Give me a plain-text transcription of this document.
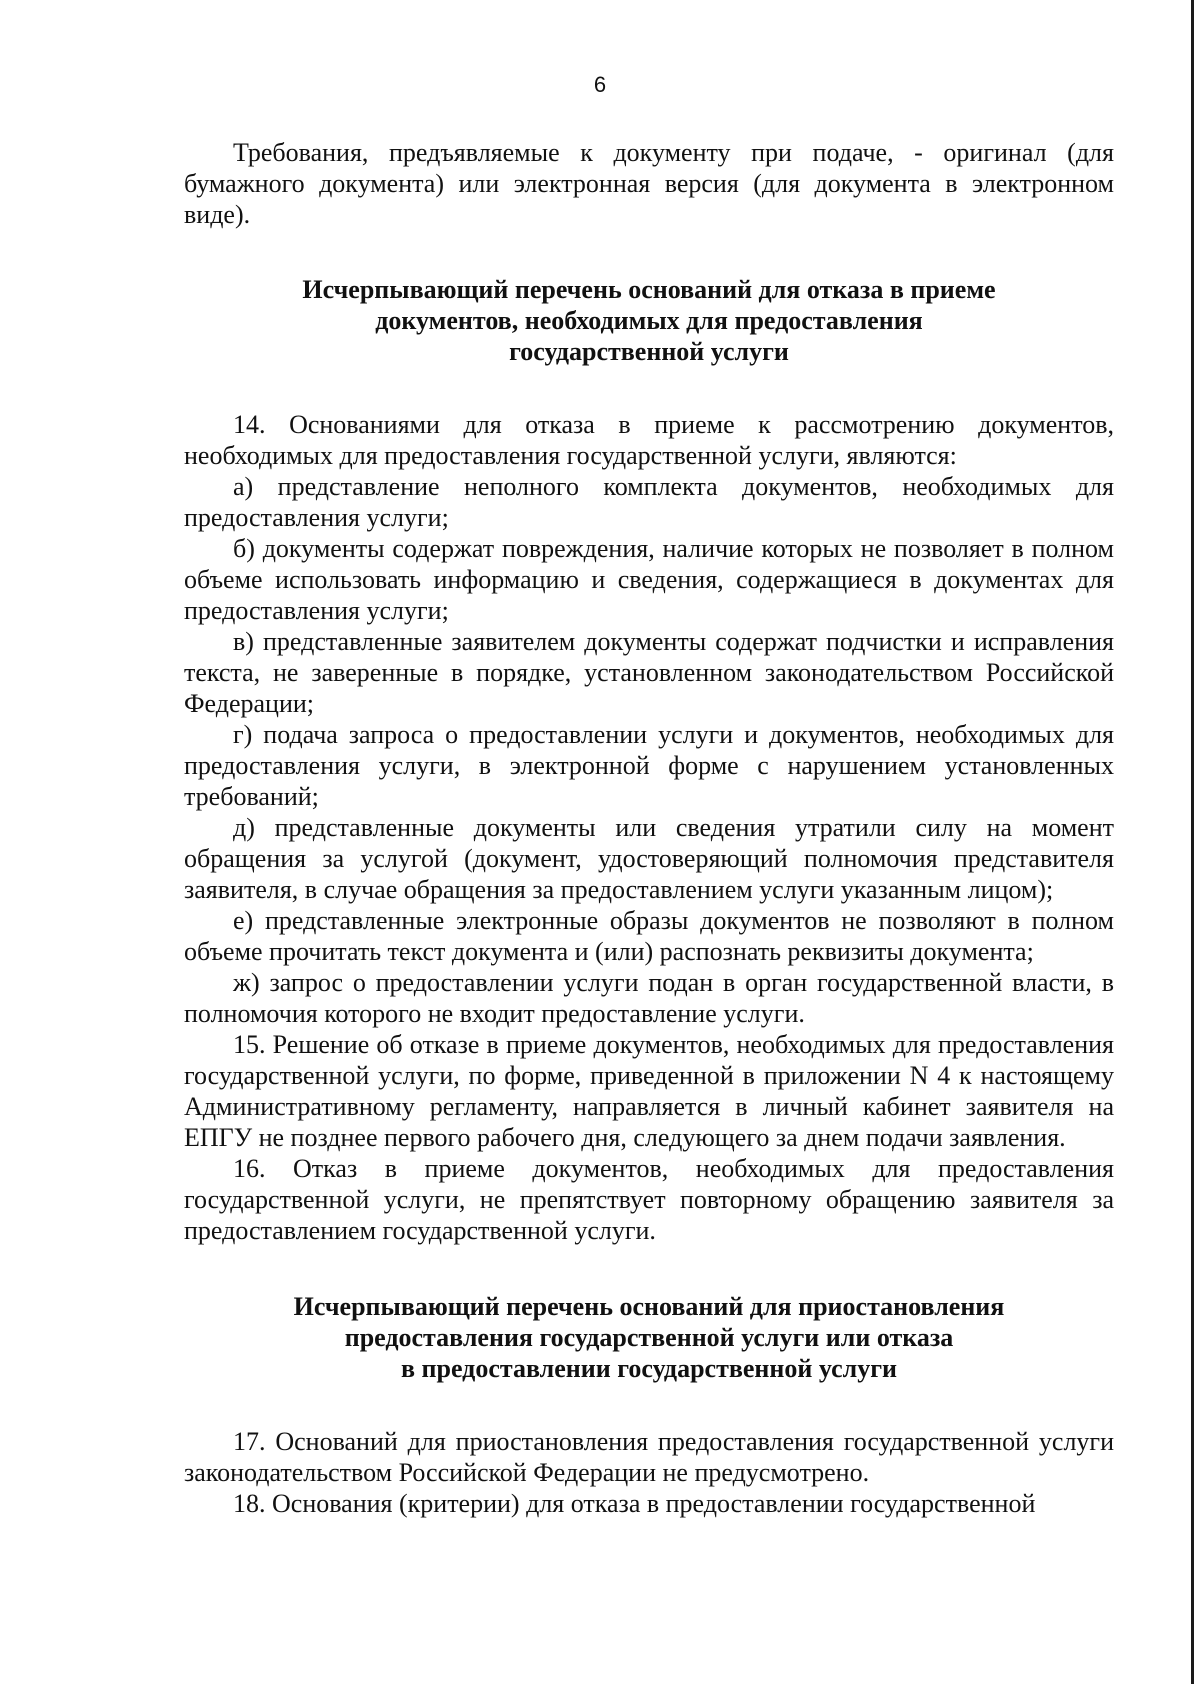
6

Требования, предъявляемые к документу при подаче, - оригинал (для бумажного документа) или электронная версия (для документа в электронном виде).

Исчерпывающий перечень оснований для отказа в приеме
документов, необходимых для предоставления
государственной услуги

14. Основаниями для отказа в приеме к рассмотрению документов, необходимых для предоставления государственной услуги, являются:

а) представление неполного комплекта документов, необходимых для предоставления услуги;

б) документы содержат повреждения, наличие которых не позволяет в полном объеме использовать информацию и сведения, содержащиеся в документах для предоставления услуги;

в) представленные заявителем документы содержат подчистки и исправления текста, не заверенные в порядке, установленном законодательством Российской Федерации;

г) подача запроса о предоставлении услуги и документов, необходимых для предоставления услуги, в электронной форме с нарушением установленных требований;

д) представленные документы или сведения утратили силу на момент обращения за услугой (документ, удостоверяющий полномочия представителя заявителя, в случае обращения за предоставлением услуги указанным лицом);

е) представленные электронные образы документов не позволяют в полном объеме прочитать текст документа и (или) распознать реквизиты документа;

ж) запрос о предоставлении услуги подан в орган государственной власти, в полномочия которого не входит предоставление услуги.

15. Решение об отказе в приеме документов, необходимых для предоставления государственной услуги, по форме, приведенной в приложении N 4 к настоящему Административному регламенту, направляется в личный кабинет заявителя на ЕПГУ не позднее первого рабочего дня, следующего за днем подачи заявления.

16. Отказ в приеме документов, необходимых для предоставления государственной услуги, не препятствует повторному обращению заявителя за предоставлением государственной услуги.

Исчерпывающий перечень оснований для приостановления
предоставления государственной услуги или отказа
в предоставлении государственной услуги

17. Оснований для приостановления предоставления государственной услуги законодательством Российской Федерации не предусмотрено.

18. Основания (критерии) для отказа в предоставлении государственной
